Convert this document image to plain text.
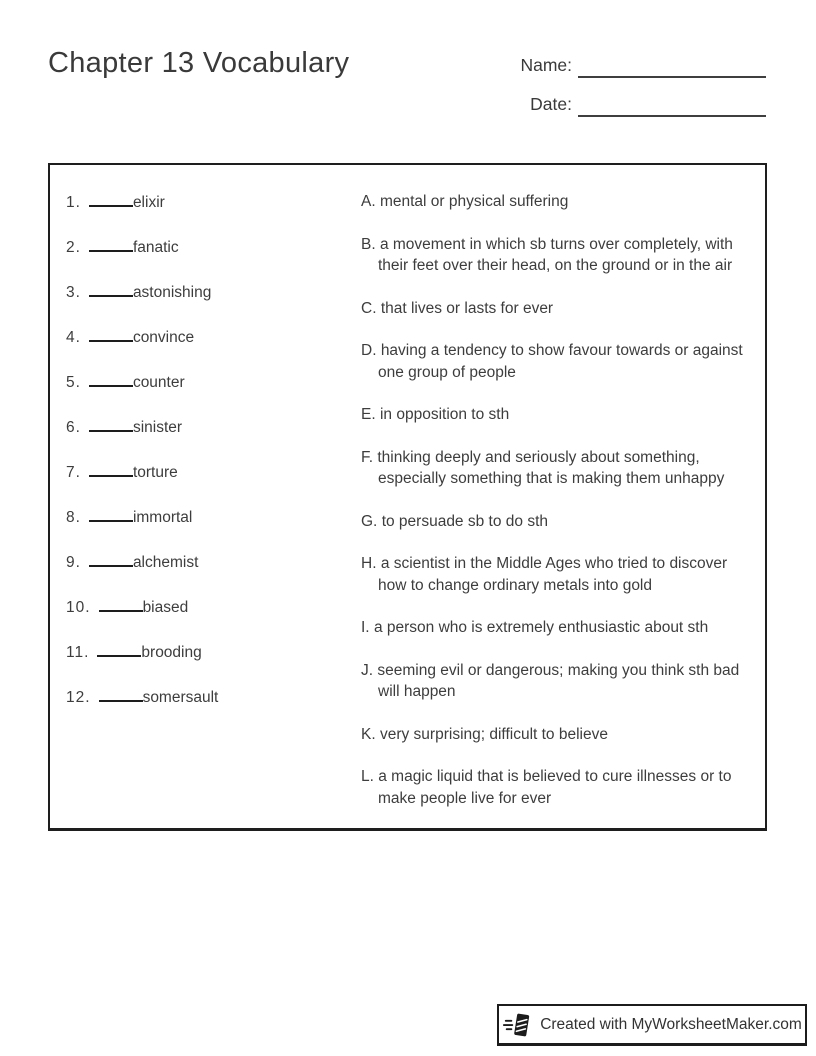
Chapter 13 Vocabulary	Name:
Date:
1.	elixir
2.	fanatic
3.	astonishing
4.	convince
5.	counter
6.	sinister
7.	torture
8.	immortal
9.	alchemist
10.	biased
11.	brooding
12.	somersault
A. mental or physical suffering
B. a movement in which sb turns over completely, with their feet over their head, on the ground or in the air
C. that lives or lasts for ever
D. having a tendency to show favour towards or against one group of people
E. in opposition to sth
F. thinking deeply and seriously about something, especially something that is making them unhappy
G. to persuade sb to do sth
H. a scientist in the Middle Ages who tried to discover how to change ordinary metals into gold
I. a person who is extremely enthusiastic about sth
J. seeming evil or dangerous; making you think sth bad will happen
K. very surprising; difficult to believe
L. a magic liquid that is believed to cure illnesses or to make people live for ever
Created with MyWorksheetMaker.com
